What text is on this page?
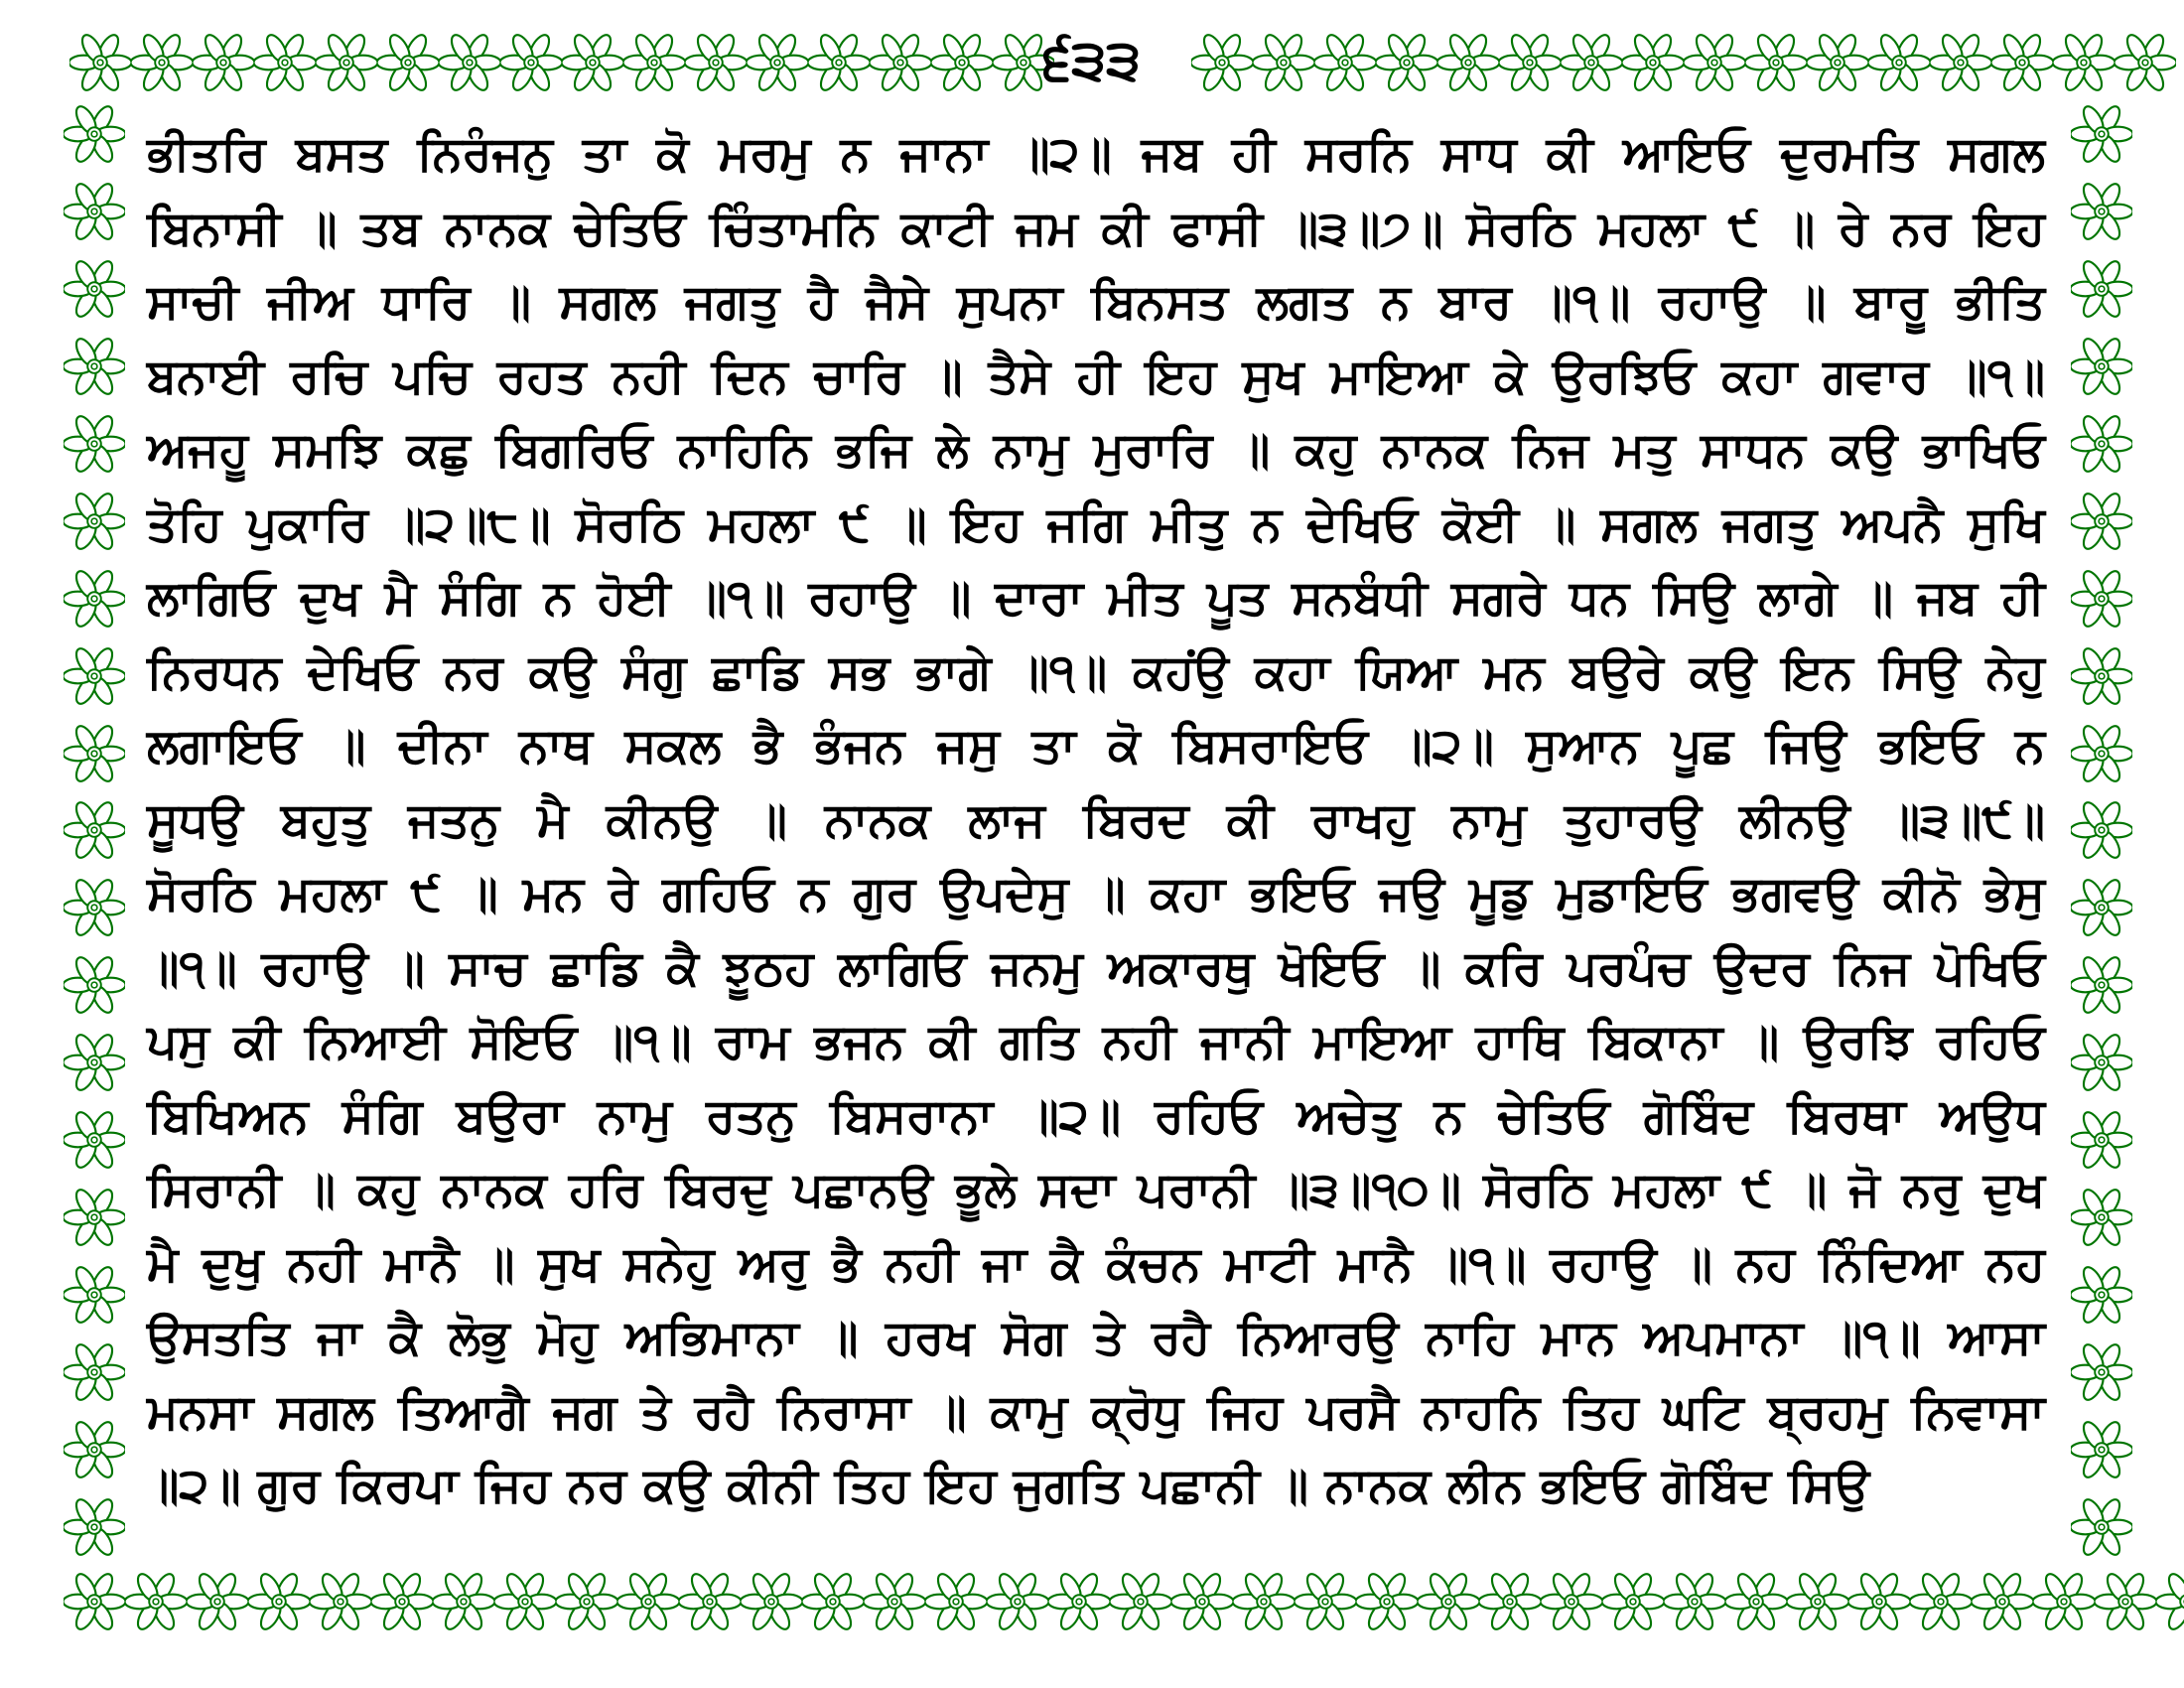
੬੩੩
ਭੀਤਰਿ ਬਸਤ ਨਿਰੰਜਨੁ ਤਾ ਕੋ ਮਰਮੁ ਨ ਜਾਨਾ ॥੨॥ ਜਬ ਹੀ ਸਰਨਿ ਸਾਧ ਕੀ ਆਇਓ ਦੁਰਮਤਿ ਸਗਲ
ਬਿਨਾਸੀ ॥ ਤਬ ਨਾਨਕ ਚੇਤਿਓ ਚਿੰਤਾਮਨਿ ਕਾਟੀ ਜਮ ਕੀ ਫਾਸੀ ॥੩॥੭॥ ਸੋਰਠਿ ਮਹਲਾ ੯ ॥ ਰੇ ਨਰ ਇਹ
ਸਾਚੀ ਜੀਅ ਧਾਰਿ ॥ ਸਗਲ ਜਗਤੁ ਹੈ ਜੈਸੇ ਸੁਪਨਾ ਬਿਨਸਤ ਲਗਤ ਨ ਬਾਰ ॥੧॥ ਰਹਾਉ ॥ ਬਾਰੂ ਭੀਤਿ
ਬਨਾਈ ਰਚਿ ਪਚਿ ਰਹਤ ਨਹੀ ਦਿਨ ਚਾਰਿ ॥ ਤੈਸੇ ਹੀ ਇਹ ਸੁਖ ਮਾਇਆ ਕੇ ਉਰਝਿਓ ਕਹਾ ਗਵਾਰ ॥੧॥
ਅਜਹੂ ਸਮਝਿ ਕਛੁ ਬਿਗਰਿਓ ਨਾਹਿਨਿ ਭਜਿ ਲੇ ਨਾਮੁ ਮੁਰਾਰਿ ॥ ਕਹੁ ਨਾਨਕ ਨਿਜ ਮਤੁ ਸਾਧਨ ਕਉ ਭਾਖਿਓ
ਤੋਹਿ ਪੁਕਾਰਿ ॥੨॥੮॥ ਸੋਰਠਿ ਮਹਲਾ ੯ ॥ ਇਹ ਜਗਿ ਮੀਤੁ ਨ ਦੇਖਿਓ ਕੋਈ ॥ ਸਗਲ ਜਗਤੁ ਅਪਨੈ ਸੁਖਿ
ਲਾਗਿਓ ਦੁਖ ਮੈ ਸੰਗਿ ਨ ਹੋਈ ॥੧॥ ਰਹਾਉ ॥ ਦਾਰਾ ਮੀਤ ਪੂਤ ਸਨਬੰਧੀ ਸਗਰੇ ਧਨ ਸਿਉ ਲਾਗੇ ॥ ਜਬ ਹੀ
ਨਿਰਧਨ ਦੇਖਿਓ ਨਰ ਕਉ ਸੰਗੁ ਛਾਡਿ ਸਭ ਭਾਗੇ ॥੧॥ ਕਹਂਉ ਕਹਾ ਯਿਆ ਮਨ ਬਉਰੇ ਕਉ ਇਨ ਸਿਉ ਨੇਹੁ
ਲਗਾਇਓ ॥ ਦੀਨਾ ਨਾਥ ਸਕਲ ਭੈ ਭੰਜਨ ਜਸੁ ਤਾ ਕੋ ਬਿਸਰਾਇਓ ॥੨॥ ਸੁਆਨ ਪੂਛ ਜਿਉ ਭਇਓ ਨ
ਸੂਧਉ ਬਹੁਤੁ ਜਤਨੁ ਮੈ ਕੀਨਉ ॥ ਨਾਨਕ ਲਾਜ ਬਿਰਦ ਕੀ ਰਾਖਹੁ ਨਾਮੁ ਤੁਹਾਰਉ ਲੀਨਉ ॥੩॥੯॥
ਸੋਰਠਿ ਮਹਲਾ ੯ ॥ ਮਨ ਰੇ ਗਹਿਓ ਨ ਗੁਰ ਉਪਦੇਸੁ ॥ ਕਹਾ ਭਇਓ ਜਉ ਮੂਡੁ ਮੁਡਾਇਓ ਭਗਵਉ ਕੀਨੋ ਭੇਸੁ
॥੧॥ ਰਹਾਉ ॥ ਸਾਚ ਛਾਡਿ ਕੈ ਝੂਠਹ ਲਾਗਿਓ ਜਨਮੁ ਅਕਾਰਥੁ ਖੋਇਓ ॥ ਕਰਿ ਪਰਪੰਚ ਉਦਰ ਨਿਜ ਪੋਖਿਓ
ਪਸੁ ਕੀ ਨਿਆਈ ਸੋਇਓ ॥੧॥ ਰਾਮ ਭਜਨ ਕੀ ਗਤਿ ਨਹੀ ਜਾਨੀ ਮਾਇਆ ਹਾਥਿ ਬਿਕਾਨਾ ॥ ਉਰਝਿ ਰਹਿਓ
ਬਿਖਿਅਨ ਸੰਗਿ ਬਉਰਾ ਨਾਮੁ ਰਤਨੁ ਬਿਸਰਾਨਾ ॥੨॥ ਰਹਿਓ ਅਚੇਤੁ ਨ ਚੇਤਿਓ ਗੋਬਿੰਦ ਬਿਰਥਾ ਅਉਧ
ਸਿਰਾਨੀ ॥ ਕਹੁ ਨਾਨਕ ਹਰਿ ਬਿਰਦੁ ਪਛਾਨਉ ਭੂਲੇ ਸਦਾ ਪਰਾਨੀ ॥੩॥੧੦॥ ਸੋਰਠਿ ਮਹਲਾ ੯ ॥ ਜੋ ਨਰੁ ਦੁਖ
ਮੈ ਦੁਖੁ ਨਹੀ ਮਾਨੈ ॥ ਸੁਖ ਸਨੇਹੁ ਅਰੁ ਭੈ ਨਹੀ ਜਾ ਕੈ ਕੰਚਨ ਮਾਟੀ ਮਾਨੈ ॥੧॥ ਰਹਾਉ ॥ ਨਹ ਨਿੰਦਿਆ ਨਹ
ਉਸਤਤਿ ਜਾ ਕੈ ਲੋਭੁ ਮੋਹੁ ਅਭਿਮਾਨਾ ॥ ਹਰਖ ਸੋਗ ਤੇ ਰਹੈ ਨਿਆਰਉ ਨਾਹਿ ਮਾਨ ਅਪਮਾਨਾ ॥੧॥ ਆਸਾ
ਮਨਸਾ ਸਗਲ ਤਿਆਗੈ ਜਗ ਤੇ ਰਹੈ ਨਿਰਾਸਾ ॥ ਕਾਮੁ ਕ੍ਰੋਧੁ ਜਿਹ ਪਰਸੈ ਨਾਹਨਿ ਤਿਹ ਘਟਿ ਬ੍ਰਹਮੁ ਨਿਵਾਸਾ
॥੨॥ ਗੁਰ ਕਿਰਪਾ ਜਿਹ ਨਰ ਕਉ ਕੀਨੀ ਤਿਹ ਇਹ ਜੁਗਤਿ ਪਛਾਨੀ ॥ ਨਾਨਕ ਲੀਨ ਭਇਓ ਗੋਬਿੰਦ ਸਿਉ
